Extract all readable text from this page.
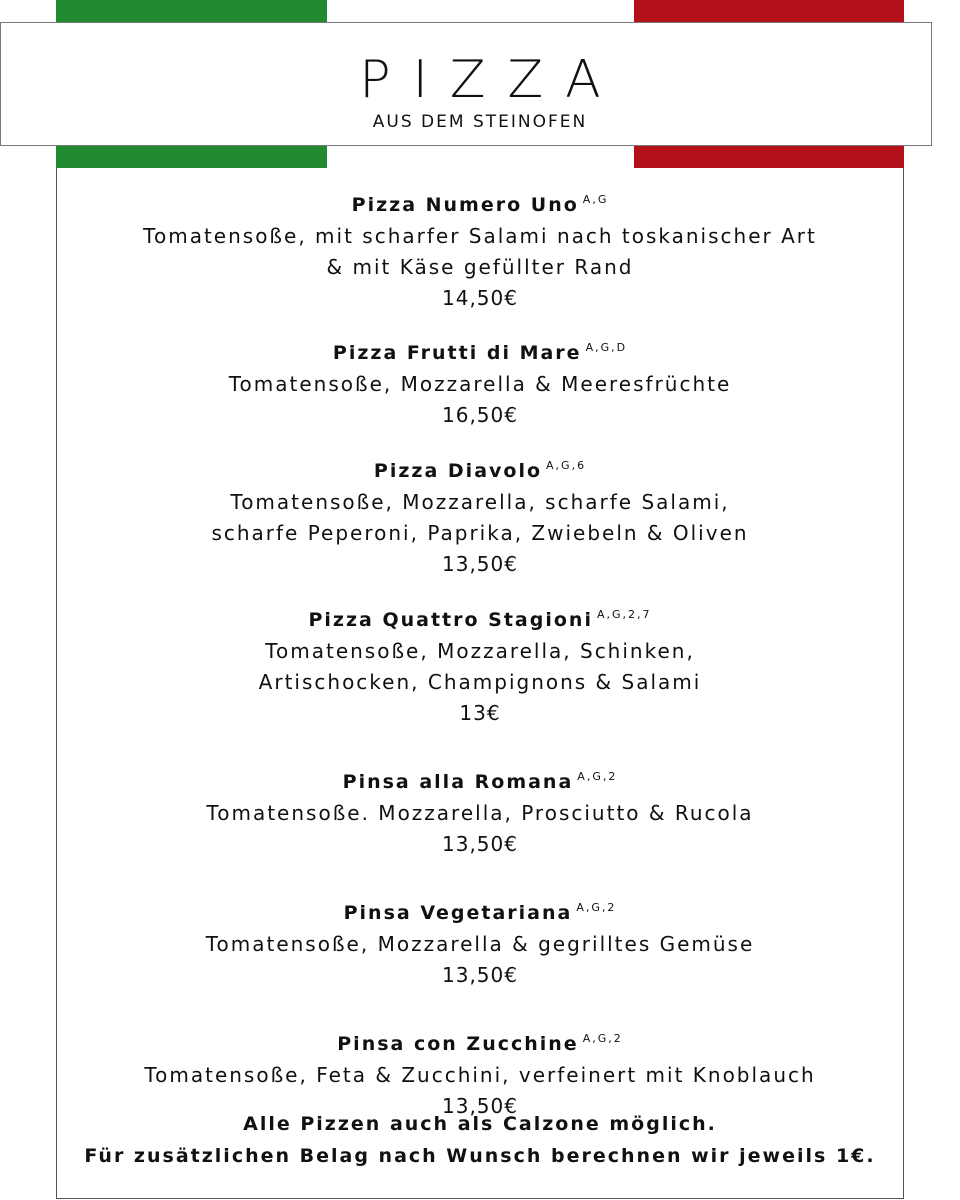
PIZZA
AUS DEM STEINOFEN
Pizza Numero Uno $^{A,G}$
Tomatensoße, mit scharfer Salami nach toskanischer Art
& mit Käse gefüllter Rand
14,50€
Pizza Frutti di Mare $^{A,G,D}$
Tomatensoße, Mozzarella & Meeresfrüchte
16,50€
Pizza Diavolo $^{A,G,6}$
Tomatensoße, Mozzarella, scharfe Salami,
scharfe Peperoni, Paprika, Zwiebeln & Oliven
13,50€
Pizza Quattro Stagioni $^{A,G,2,7}$
Tomatensoße, Mozzarella, Schinken,
Artischocken, Champignons & Salami
13€
Pinsa alla Romana $^{A,G,2}$
Tomatensoße. Mozzarella, Prosciutto & Rucola
13,50€
Pinsa Vegetariana $^{A,G,2}$
Tomatensoße, Mozzarella & gegrilltes Gemüse
13,50€
Pinsa con Zucchine $^{A,G,2}$
Tomatensoße, Feta & Zucchini, verfeinert mit Knoblauch
13,50€
Alle Pizzen auch als Calzone möglich.
Für zusätzlichen Belag nach Wunsch berechnen wir jeweils 1€.
